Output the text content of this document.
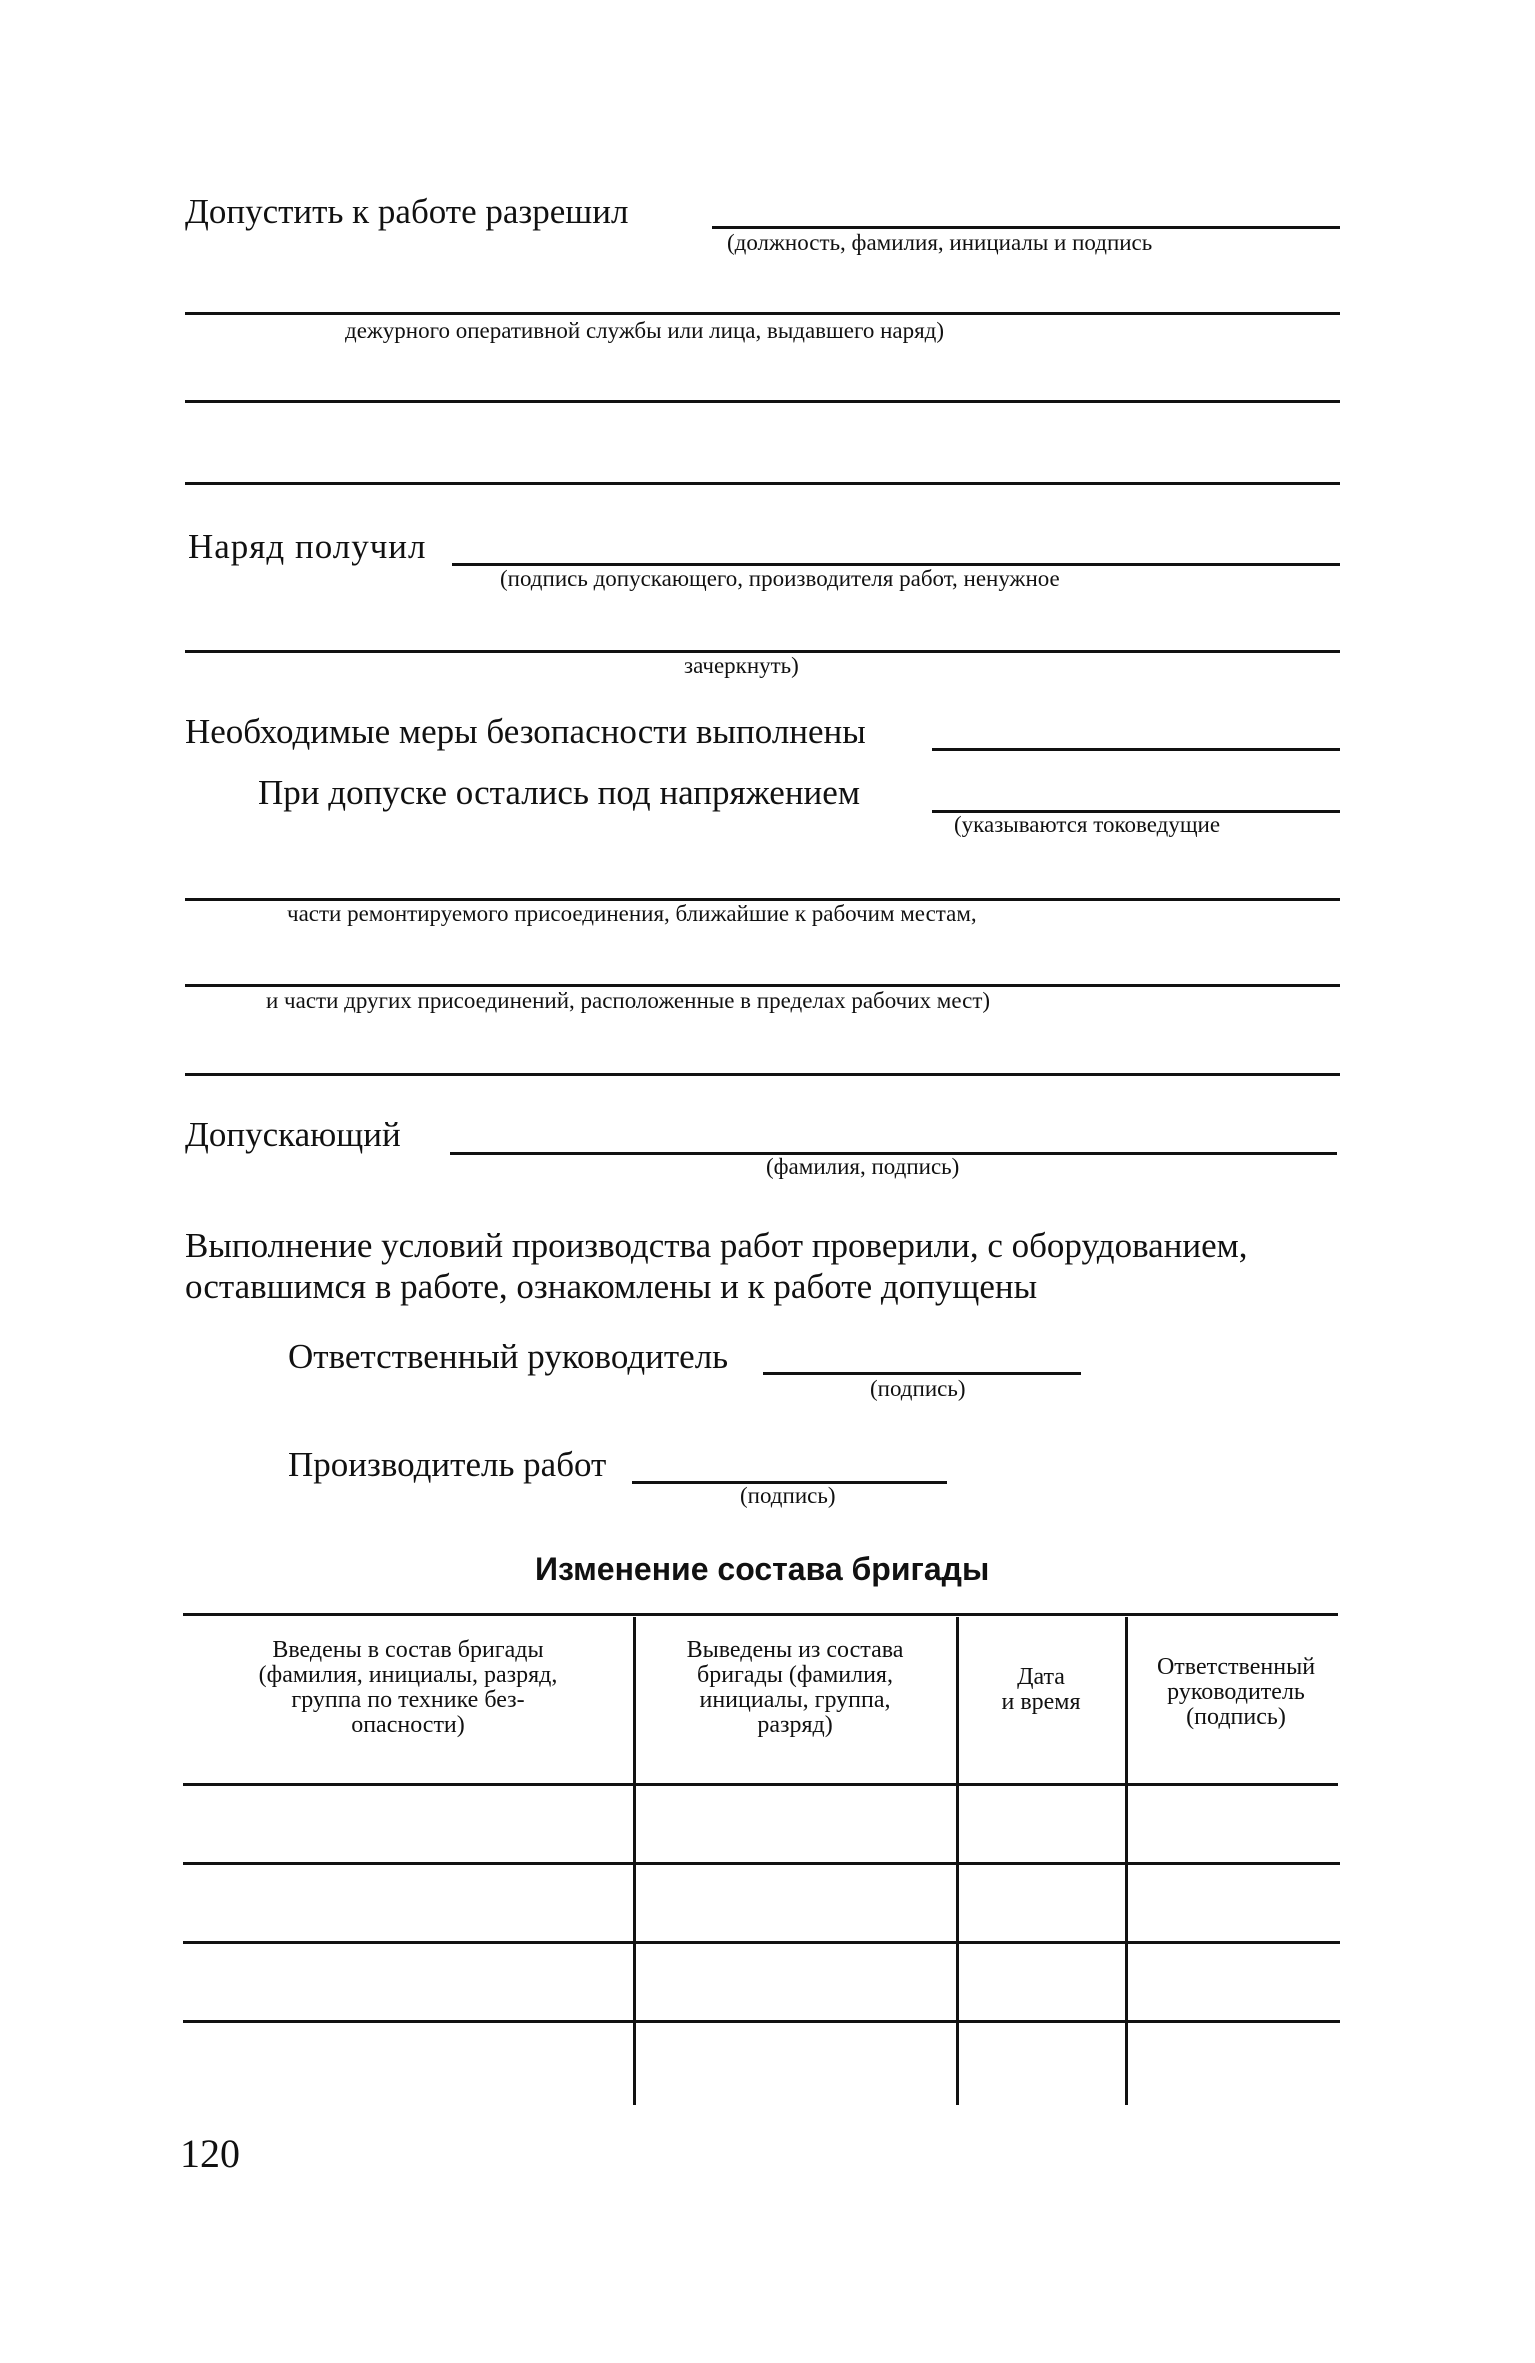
Допустить к работе разрешил
(должность, фамилия, инициалы и подпись
дежурного оперативной службы или лица, выдавшего наряд)
Наряд получил
(подпись допускающего, производителя работ, ненужное
зачеркнуть)
Необходимые меры безопасности выполнены
При допуске остались под напряжением
(указываются токоведущие
части ремонтируемого присоединения, ближайшие к рабочим местам,
и части других присоединений, расположенные в пределах рабочих мест)
Допускающий
(фамилия, подпись)
Выполнение условий производства работ проверили, с оборудованием,
оставшимся в работе, ознакомлены и к работе допущены
Ответственный руководитель
(подпись)
Производитель работ
(подпись)
Изменение состава бригады
Введены в состав бригады
(фамилия, инициалы, разряд,
группа по технике без-
опасности)
Выведены из состава
бригады (фамилия,
инициалы, группа,
разряд)
Дата
и время
Ответственный
руководитель
(подпись)
120
